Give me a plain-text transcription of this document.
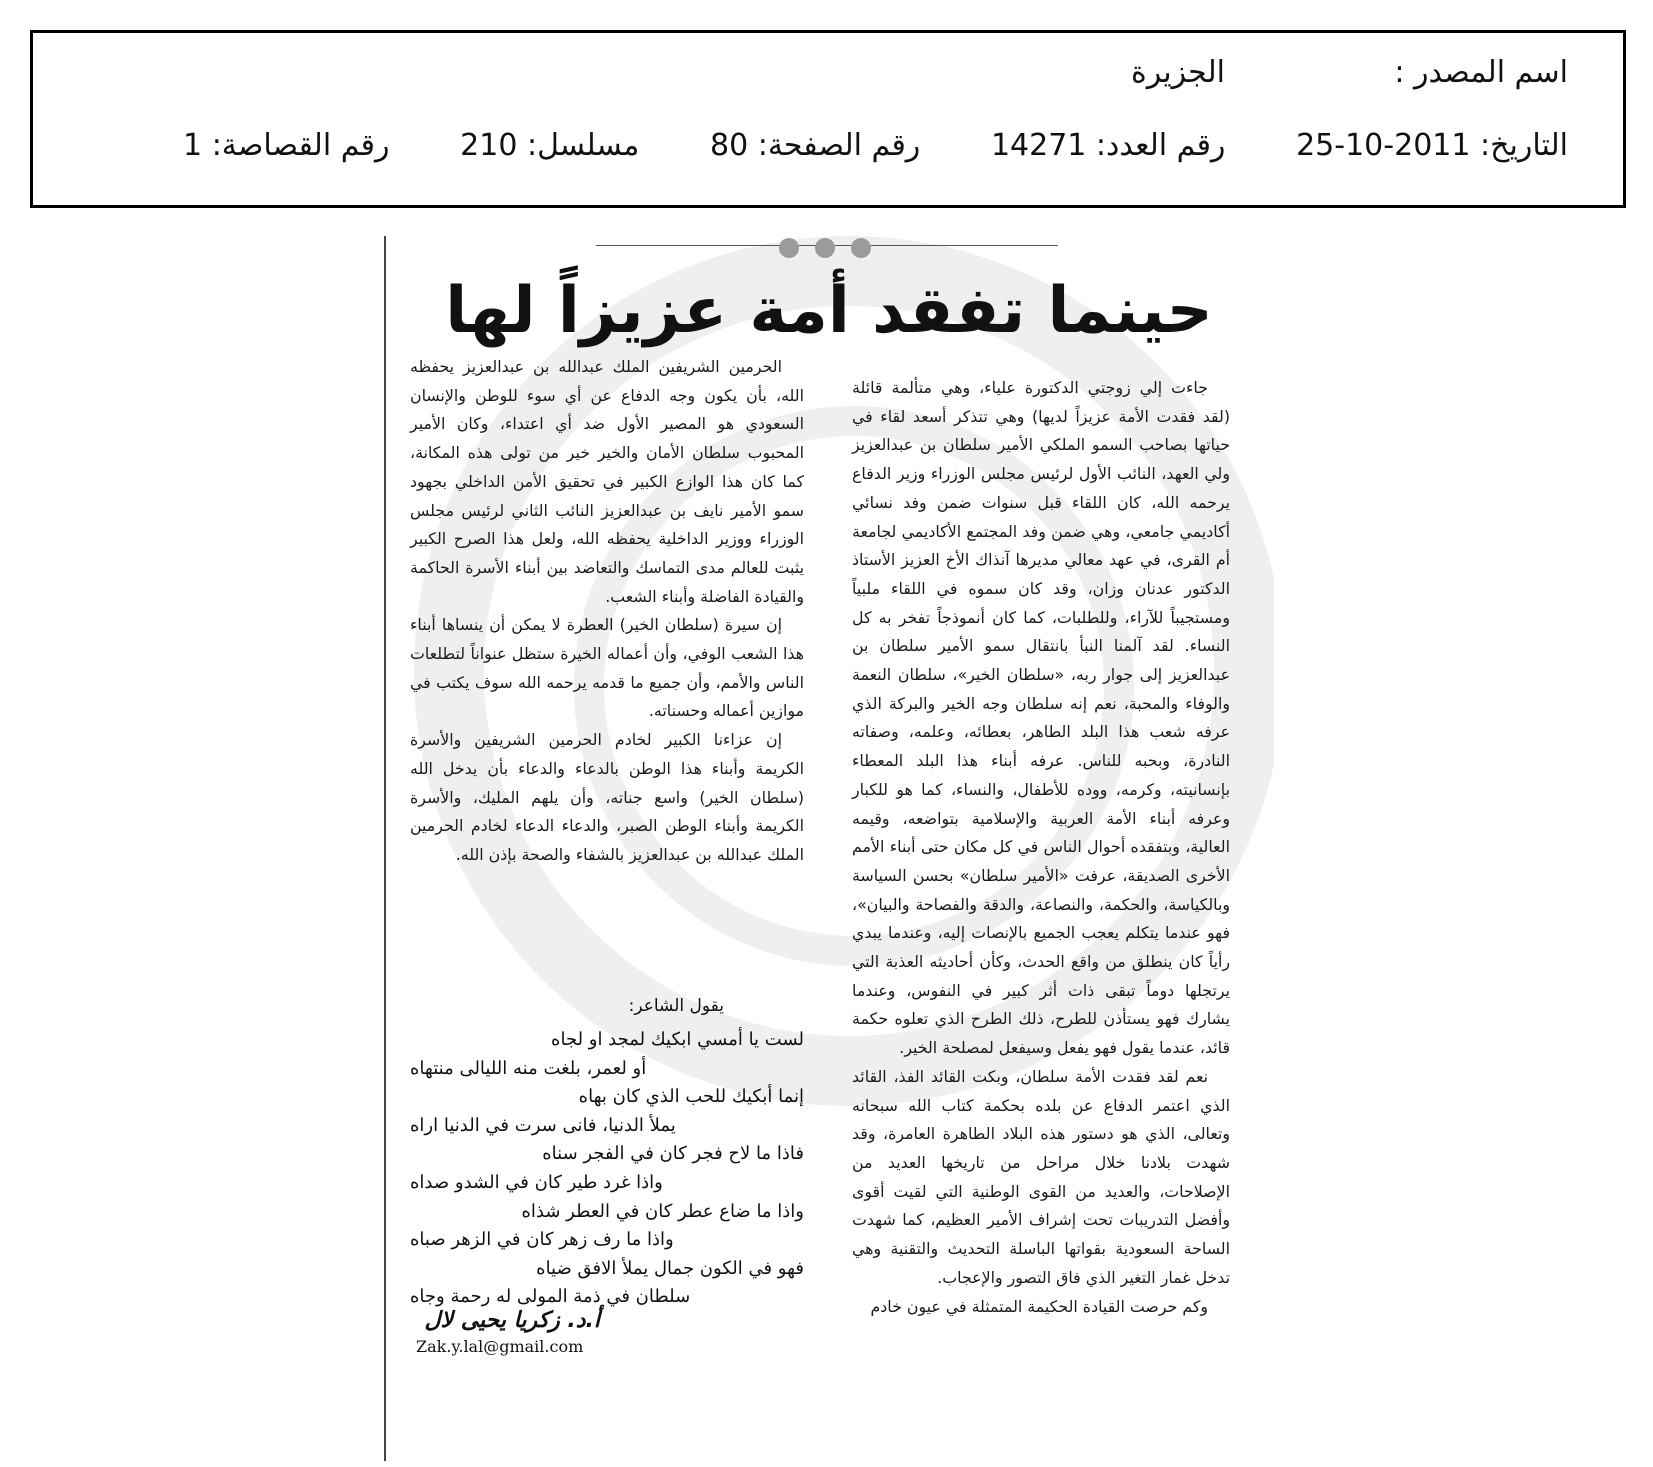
اسم المصدر :
الجزيرة
التاريخ: 2011-10-25
رقم العدد: 14271
رقم الصفحة: 80
مسلسل: 210
رقم القصاصة: 1
حينما تفقد أمة عزيزاً لها

جاءت إلي زوجتي الدكتورة علياء، وهي متألمة قائلة (لقد فقدت الأمة عزيزاً لديها) وهي تتذكر أسعد لقاء في حياتها بصاحب السمو الملكي الأمير سلطان بن عبدالعزيز ولي العهد، النائب الأول لرئيس مجلس الوزراء وزير الدفاع يرحمه الله، كان اللقاء قبل سنوات ضمن وفد نسائي أكاديمي جامعي، وهي ضمن وفد المجتمع الأكاديمي لجامعة أم القرى، في عهد معالي مديرها آنذاك الأخ العزيز الأستاذ الدكتور عدنان وزان، وقد كان سموه في اللقاء ملبياً ومستجيباً للآراء، وللطلبات، كما كان أنموذجاً تفخر به كل النساء. لقد آلمنا النبأ بانتقال سمو الأمير سلطان بن عبدالعزيز إلى جوار ربه، «سلطان الخير»، سلطان النعمة والوفاء والمحبة، نعم إنه سلطان وجه الخير والبركة الذي عرفه شعب هذا البلد الطاهر، بعطائه، وعلمه، وصفاته النادرة، وبحبه للناس. عرفه أبناء هذا البلد المعطاء بإنسانيته، وكرمه، ووده للأطفال، والنساء، كما هو للكبار وعرفه أبناء الأمة العربية والإسلامية بتواضعه، وقيمه العالية، وبتفقده أحوال الناس في كل مكان حتى أبناء الأمم الأخرى الصديقة، عرفت «الأمير سلطان» بحسن السياسة وبالكياسة، والحكمة، والنصاعة، والدقة والفصاحة والبيان»، فهو عندما يتكلم يعجب الجميع بالإنصات إليه، وعندما يبدي رأياً كان ينطلق من واقع الحدث، وكأن أحاديثه العذبة التي يرتجلها دوماً تبقى ذات أثر كبير في النفوس، وعندما يشارك فهو يستأذن للطرح، ذلك الطرح الذي تعلوه حكمة قائد، عندما يقول فهو يفعل وسيفعل لمصلحة الخير.

نعم لقد فقدت الأمة سلطان، وبكت القائد الفذ، القائد الذي اعتمر الدفاع عن بلده بحكمة كتاب الله سبحانه وتعالى، الذي هو دستور هذه البلاد الطاهرة العامرة، وقد شهدت بلادنا خلال مراحل من تاريخها العديد من الإصلاحات، والعديد من القوى الوطنية التي لقيت أقوى وأفضل التدريبات تحت إشراف الأمير العظيم، كما شهدت الساحة السعودية بقواتها الباسلة التحديث والتقنية وهي تدخل غمار التغير الذي فاق التصور والإعجاب.

وكم حرصت القيادة الحكيمة المتمثلة في عيون خادم

الحرمين الشريفين الملك عبدالله بن عبدالعزيز يحفظه الله، بأن يكون وجه الدفاع عن أي سوء للوطن والإنسان السعودي هو المصير الأول ضد أي اعتداء، وكان الأمير المحبوب سلطان الأمان والخير خير من تولى هذه المكانة، كما كان هذا الوازع الكبير في تحقيق الأمن الداخلي بجهود سمو الأمير نايف بن عبدالعزيز النائب الثاني لرئيس مجلس الوزراء ووزير الداخلية يحفظه الله، ولعل هذا الصرح الكبير يثبت للعالم مدى التماسك والتعاضد بين أبناء الأسرة الحاكمة والقيادة الفاضلة وأبناء الشعب.

إن سيرة (سلطان الخير) العطرة لا يمكن أن ينساها أبناء هذا الشعب الوفي، وأن أعماله الخيرة ستظل عنواناً لتطلعات الناس والأمم، وأن جميع ما قدمه يرحمه الله سوف يكتب في موازين أعماله وحسناته.

إن عزاءنا الكبير لخادم الحرمين الشريفين والأسرة الكريمة وأبناء هذا الوطن بالدعاء والدعاء بأن يدخل الله (سلطان الخير) واسع جناته، وأن يلهم المليك، والأسرة الكريمة وأبناء الوطن الصبر، والدعاء الدعاء لخادم الحرمين الملك عبدالله بن عبدالعزيز بالشفاء والصحة بإذن الله.

يقول الشاعر:
لست يا أمسي ابكيك لمجد او لجاه
أو لعمر، بلغت منه الليالى منتهاه
إنما أبكيك للحب الذي كان بهاه
يملأ الدنيا، فانى سرت في الدنيا اراه
فاذا ما لاح فجر كان في الفجر سناه
واذا غرد طير كان في الشدو صداه
واذا ما ضاع عطر كان في العطر شذاه
واذا ما رف زهر كان في الزهر صباه
فهو في الكون جمال يملأ الافق ضياه
سلطان في ذمة المولى له رحمة وجاه
أ.د. زكريا يحيى لال
Zak.y.lal@gmail.com
